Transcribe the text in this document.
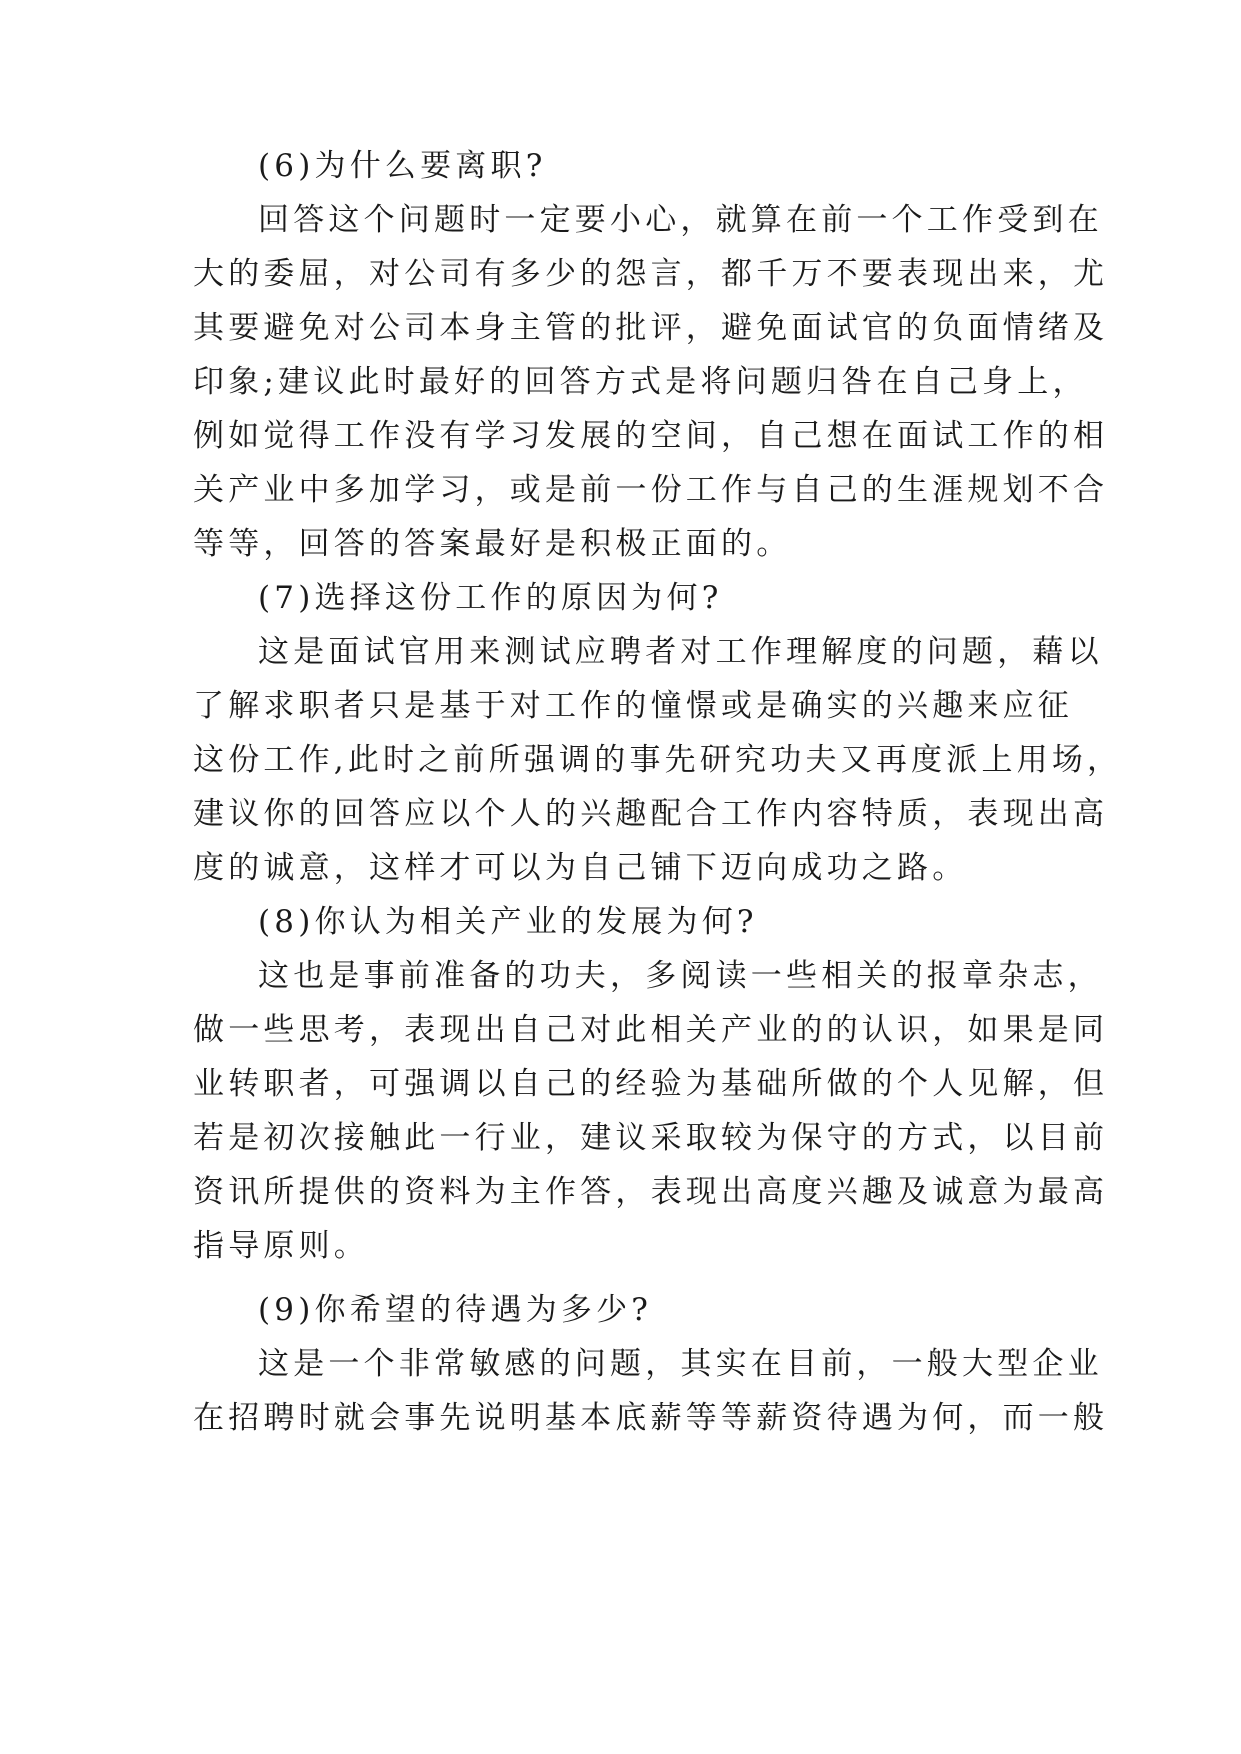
(6)为什么要离职?
回答这个问题时一定要小心，就算在前一个工作受到在
大的委屈，对公司有多少的怨言，都千万不要表现出来，尤
其要避免对公司本身主管的批评，避免面试官的负面情绪及
印象;建议此时最好的回答方式是将问题归咎在自己身上，
例如觉得工作没有学习发展的空间，自己想在面试工作的相
关产业中多加学习，或是前一份工作与自己的生涯规划不合
等等，回答的答案最好是积极正面的。
(7)选择这份工作的原因为何?
这是面试官用来测试应聘者对工作理解度的问题，藉以
了解求职者只是基于对工作的憧憬或是确实的兴趣来应征
这份工作,此时之前所强调的事先研究功夫又再度派上用场，
建议你的回答应以个人的兴趣配合工作内容特质，表现出高
度的诚意，这样才可以为自己铺下迈向成功之路。
(8)你认为相关产业的发展为何?
这也是事前准备的功夫，多阅读一些相关的报章杂志，
做一些思考，表现出自己对此相关产业的的认识，如果是同
业转职者，可强调以自己的经验为基础所做的个人见解，但
若是初次接触此一行业，建议采取较为保守的方式，以目前
资讯所提供的资料为主作答，表现出高度兴趣及诚意为最高
指导原则。
(9)你希望的待遇为多少?
这是一个非常敏感的问题，其实在目前，一般大型企业
在招聘时就会事先说明基本底薪等等薪资待遇为何，而一般
